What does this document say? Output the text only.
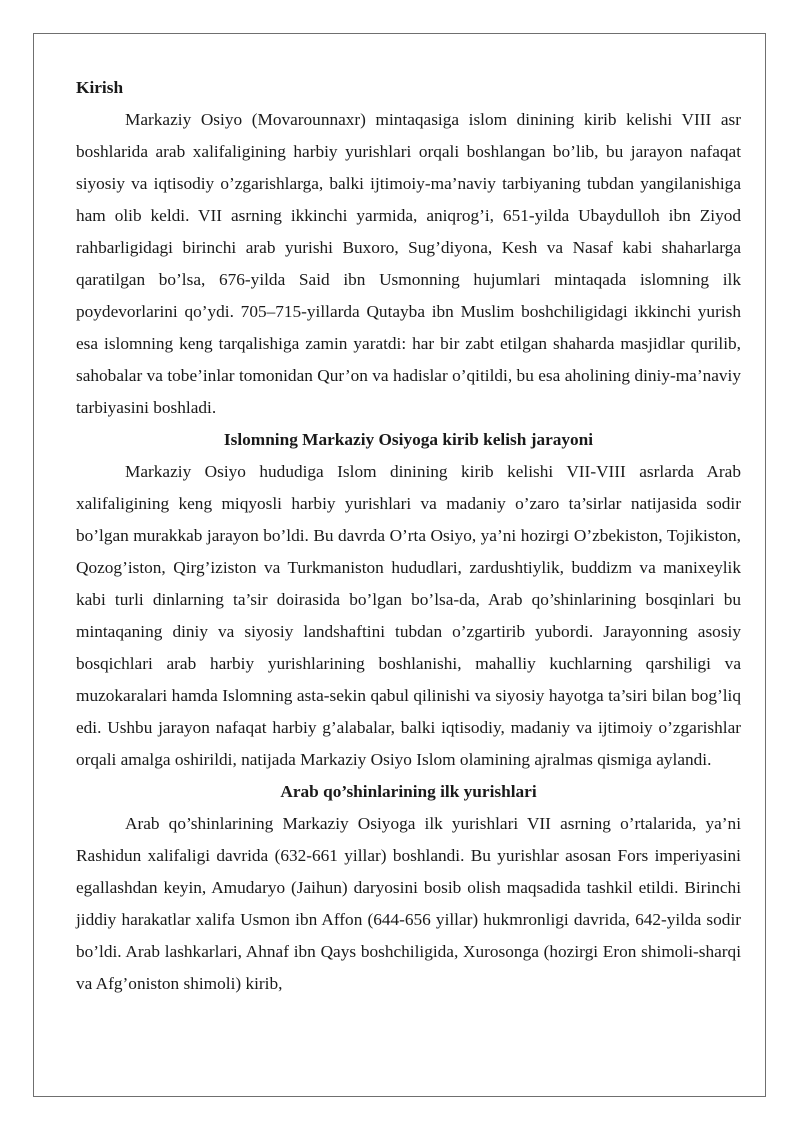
Kirish

Markaziy Osiyo (Movarounnaxr) mintaqasiga islom dinining kirib kelishi VIII asr boshlarida arab xalifaligining harbiy yurishlari orqali boshlangan bo’lib, bu jarayon nafaqat siyosiy va iqtisodiy o’zgarishlarga, balki ijtimoiy-ma’naviy tarbiyaning tubdan yangilanishiga ham olib keldi. VII asrning ikkinchi yarmida, aniqrog’i, 651-yilda Ubaydulloh ibn Ziyod rahbarligidagi birinchi arab yurishi Buxoro, Sug’diyona, Kesh va Nasaf kabi shaharlarga qaratilgan bo’lsa, 676-yilda Said ibn Usmonning hujumlari mintaqada islomning ilk poydevorlarini qo’ydi. 705–715-yillarda Qutayba ibn Muslim boshchiligidagi ikkinchi yurish esa islomning keng tarqalishiga zamin yaratdi: har bir zabt etilgan shaharda masjidlar qurilib, sahobalar va tobe’inlar tomonidan Qur’on va hadislar o’qitildi, bu esa aholining diniy-ma’naviy tarbiyasini boshladi.

Islomning Markaziy Osiyoga kirib kelish jarayoni

Markaziy Osiyo hududiga Islom dinining kirib kelishi VII-VIII asrlarda Arab xalifaligining keng miqyosli harbiy yurishlari va madaniy o’zaro ta’sirlar natijasida sodir bo’lgan murakkab jarayon bo’ldi. Bu davrda O’rta Osiyo, ya’ni hozirgi O’zbekiston, Tojikiston, Qozog’iston, Qirg’iziston va Turkmaniston hududlari, zardushtiylik, buddizm va manixeylik kabi turli dinlarning ta’sir doirasida bo’lgan bo’lsa-da, Arab qo’shinlarining bosqinlari bu mintaqaning diniy va siyosiy landshaftini tubdan o’zgartirib yubordi. Jarayonning asosiy bosqichlari arab harbiy yurishlarining boshlanishi, mahalliy kuchlarning qarshiligi va muzokaralari hamda Islomning asta-sekin qabul qilinishi va siyosiy hayotga ta’siri bilan bog’liq edi. Ushbu jarayon nafaqat harbiy g’alabalar, balki iqtisodiy, madaniy va ijtimoiy o’zgarishlar orqali amalga oshirildi, natijada Markaziy Osiyo Islom olamining ajralmas qismiga aylandi.

Arab qo’shinlarining ilk yurishlari

Arab qo’shinlarining Markaziy Osiyoga ilk yurishlari VII asrning o’rtalarida, ya’ni Rashidun xalifaligi davrida (632-661 yillar) boshlandi. Bu yurishlar asosan Fors imperiyasini egallashdan keyin, Amudaryo (Jaihun) daryosini bosib olish maqsadida tashkil etildi. Birinchi jiddiy harakatlar xalifa Usmon ibn Affon (644-656 yillar) hukmronligi davrida, 642-yilda sodir bo’ldi. Arab lashkarlari, Ahnaf ibn Qays boshchiligida, Xurosonga (hozirgi Eron shimoli-sharqi va Afg’oniston shimoli) kirib,
